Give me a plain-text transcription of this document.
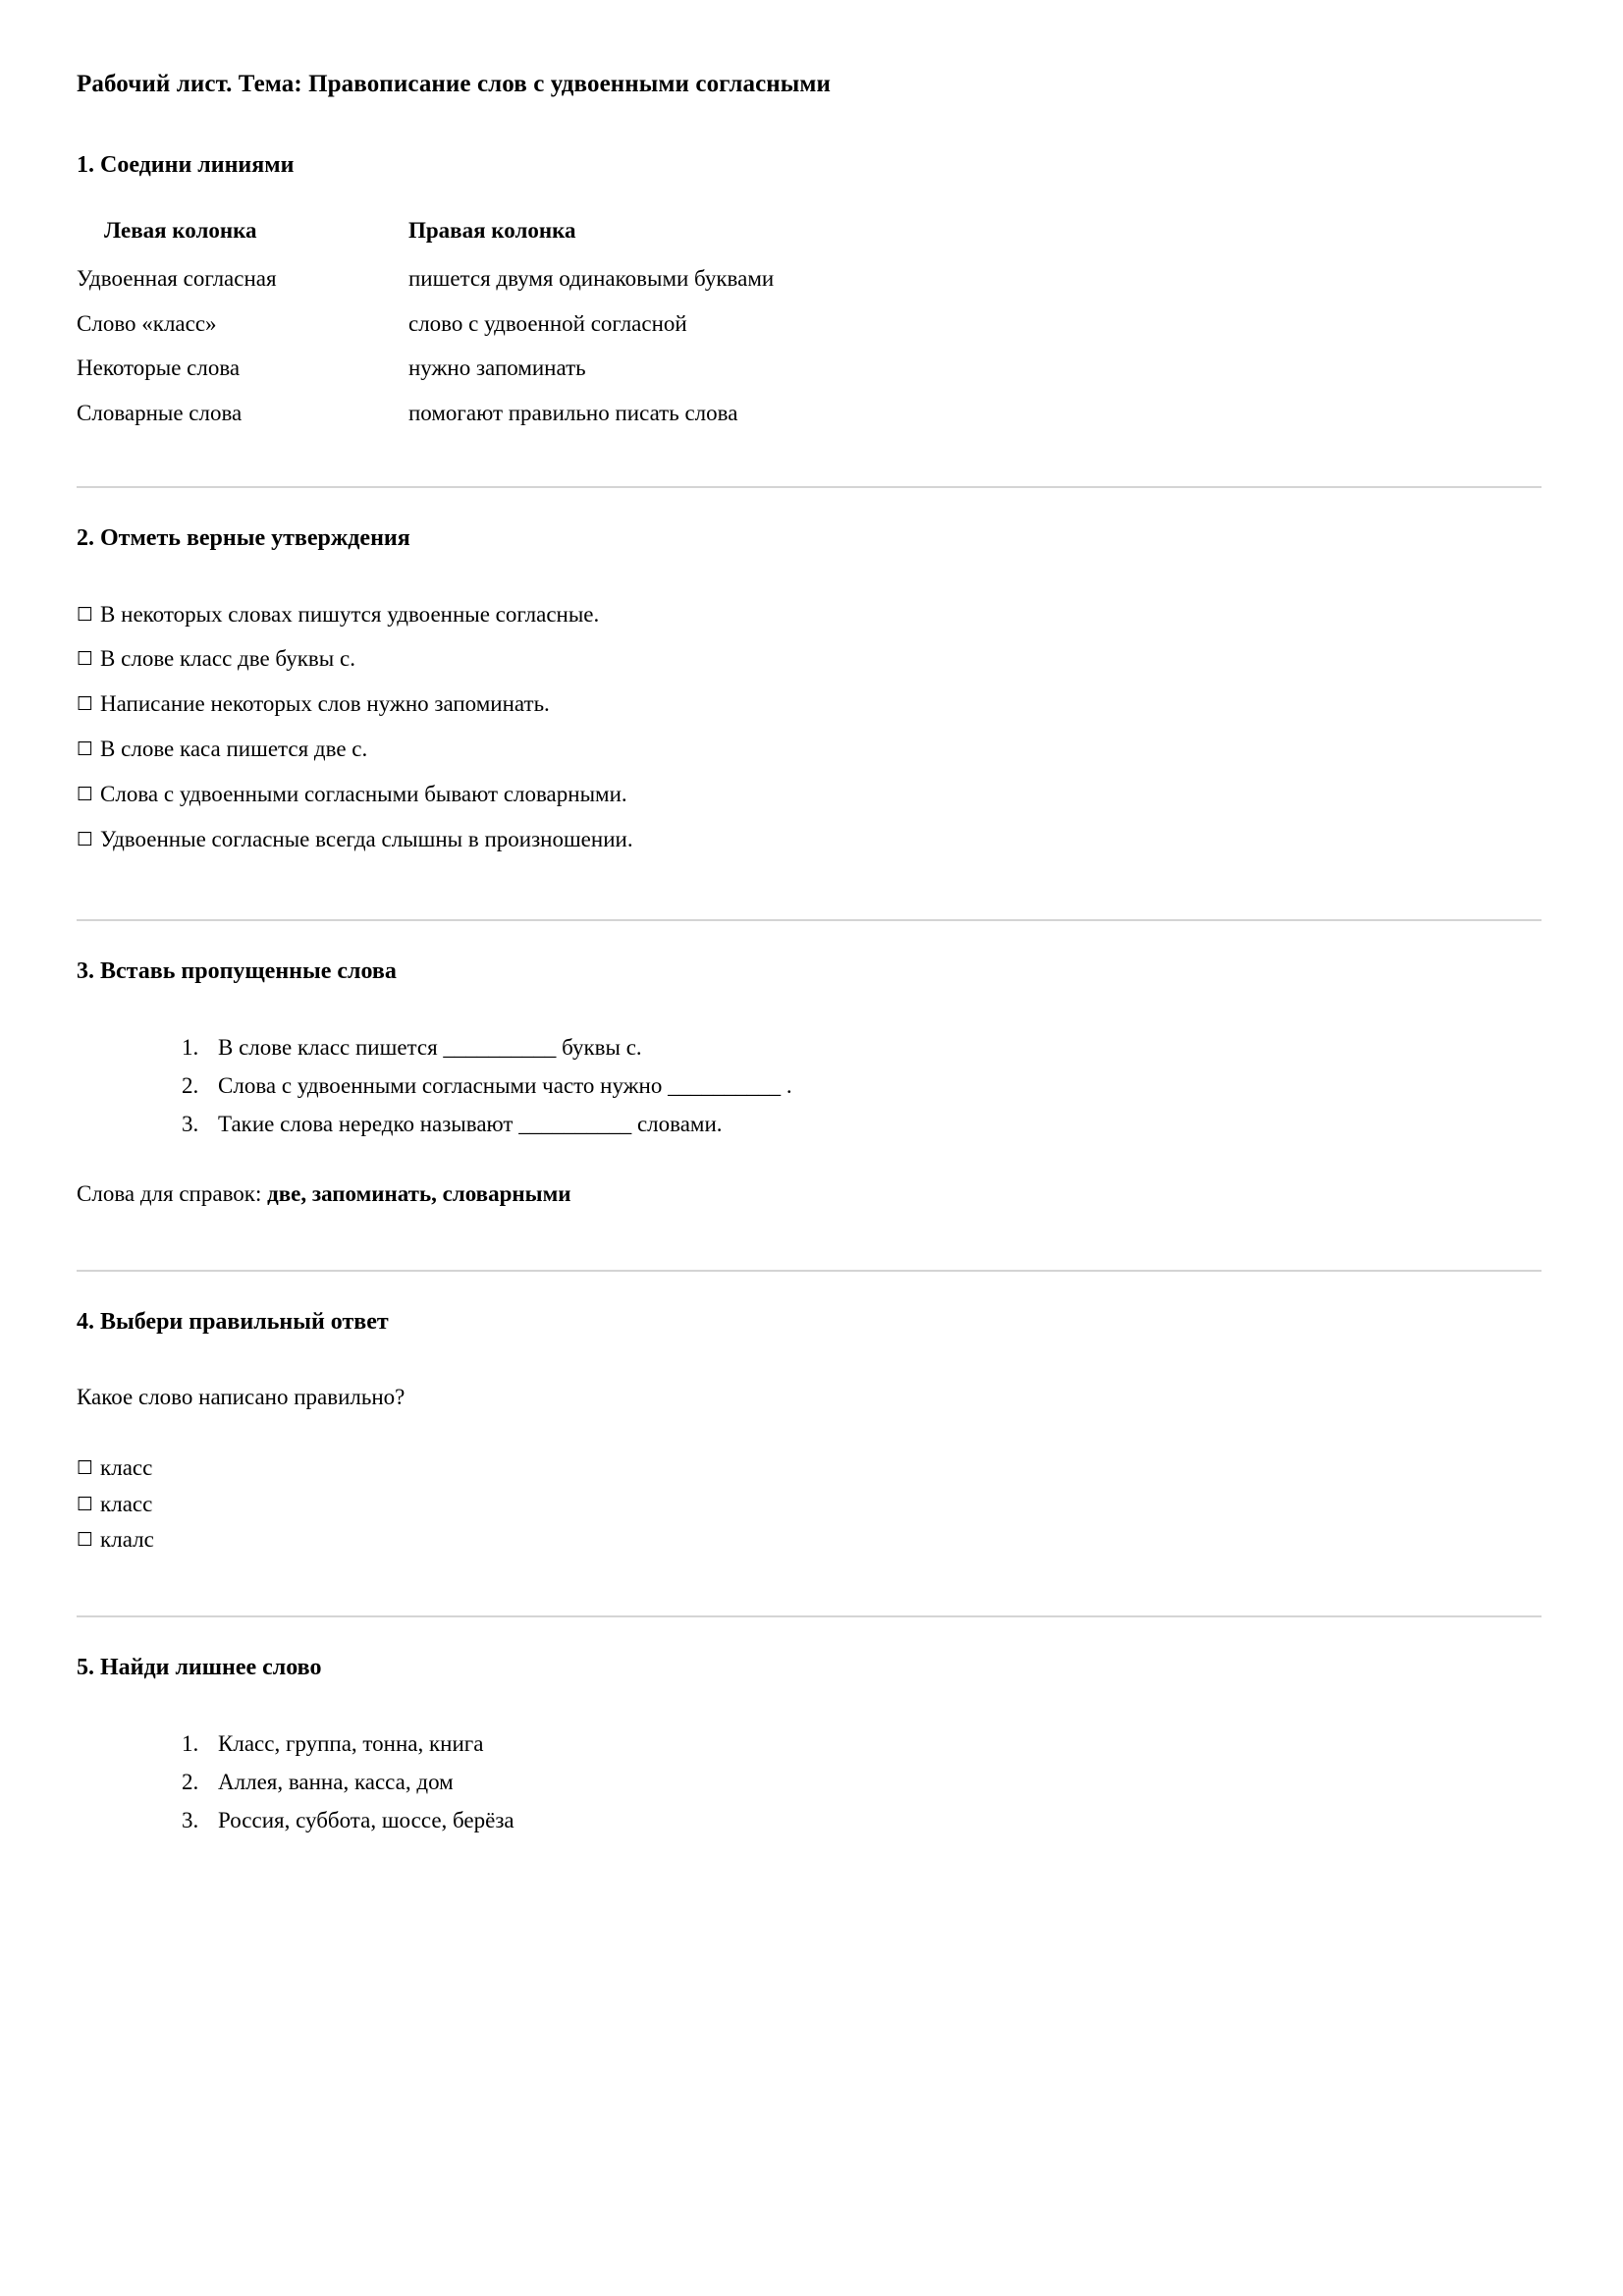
Рабочий лист. Тема: Правописание слов с удвоенными согласными
1. Соедини линиями
Левая колонка	Правая колонка
Удвоенная согласная	пишется двумя одинаковыми буквами
Слово «класс»	слово с удвоенной согласной
Некоторые слова	нужно запоминать
Словарные слова	помогают правильно писать слова
2. Отметь верные утверждения
☐ В некоторых словах пишутся удвоенные согласные.
☐ В слове класс две буквы с.
☐ Написание некоторых слов нужно запоминать.
☐ В слове каса пишется две с.
☐ Слова с удвоенными согласными бывают словарными.
☐ Удвоенные согласные всегда слышны в произношении.
3. Вставь пропущенные слова
1. В слове класс пишется __________ буквы с.
2. Слова с удвоенными согласными часто нужно __________ .
3. Такие слова нередко называют __________ словами.

Слова для справок: две, запоминать, словарными

4. Выбери правильный ответ

Какое слово написано правильно?

☐ класс
☐ класс
☐ клалс
5. Найди лишнее слово
1. Класс, группа, тонна, книга
2. Аллея, ванна, касса, дом
3. Россия, суббота, шоссе, берёза
